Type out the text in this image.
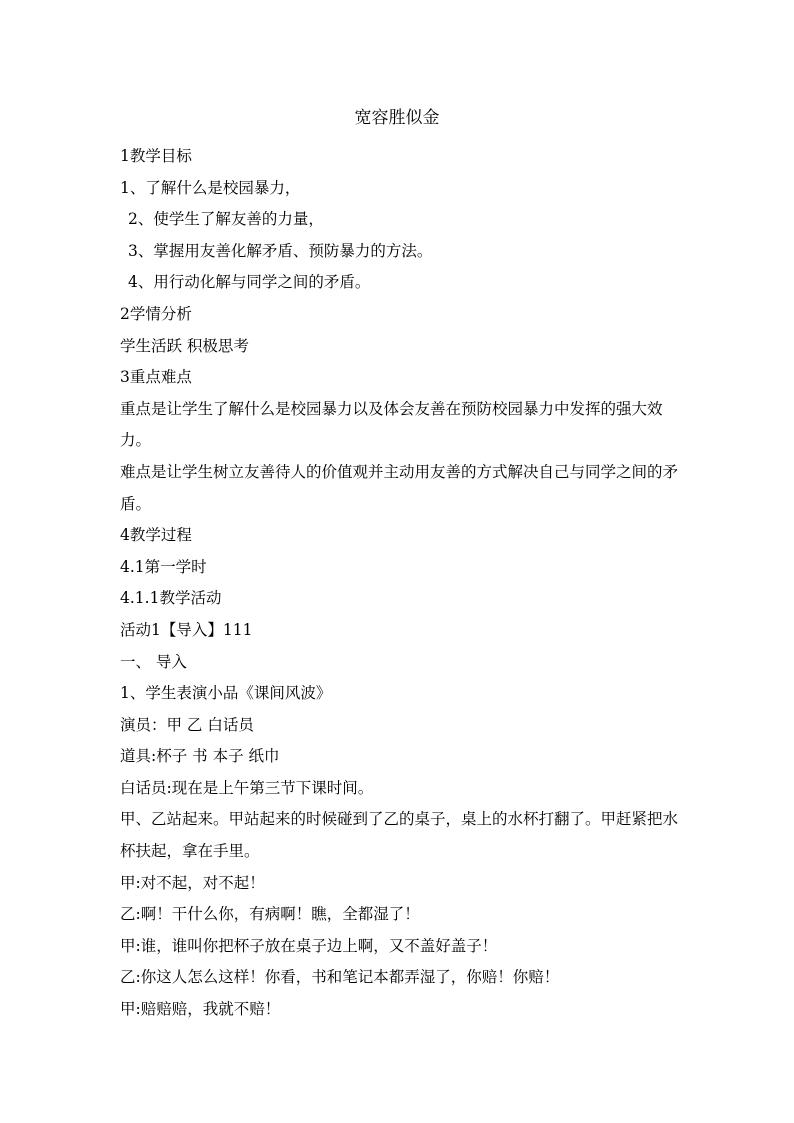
宽容胜似金
1教学目标
1、了解什么是校园暴力，
2、使学生了解友善的力量，
3、掌握用友善化解矛盾、预防暴力的方法。
4、用行动化解与同学之间的矛盾。
2学情分析
学生活跃 积极思考
3重点难点
重点是让学生了解什么是校园暴力以及体会友善在预防校园暴力中发挥的强大效力。
难点是让学生树立友善待人的价值观并主动用友善的方式解决自己与同学之间的矛盾。
4教学过程
4.1第一学时
4.1.1教学活动
活动1【导入】111
一、 导入
1、学生表演小品《课间风波》
演员：甲 乙 白话员
道具:杯子 书 本子 纸巾
白话员:现在是上午第三节下课时间。
甲、乙站起来。甲站起来的时候碰到了乙的桌子，桌上的水杯打翻了。甲赶紧把水杯扶起，拿在手里。
甲:对不起，对不起！
乙:啊！干什么你，有病啊！瞧，全都湿了！
甲:谁，谁叫你把杯子放在桌子边上啊，又不盖好盖子！
乙:你这人怎么这样！你看，书和笔记本都弄湿了，你赔！你赔！
甲:赔赔赔，我就不赔！
